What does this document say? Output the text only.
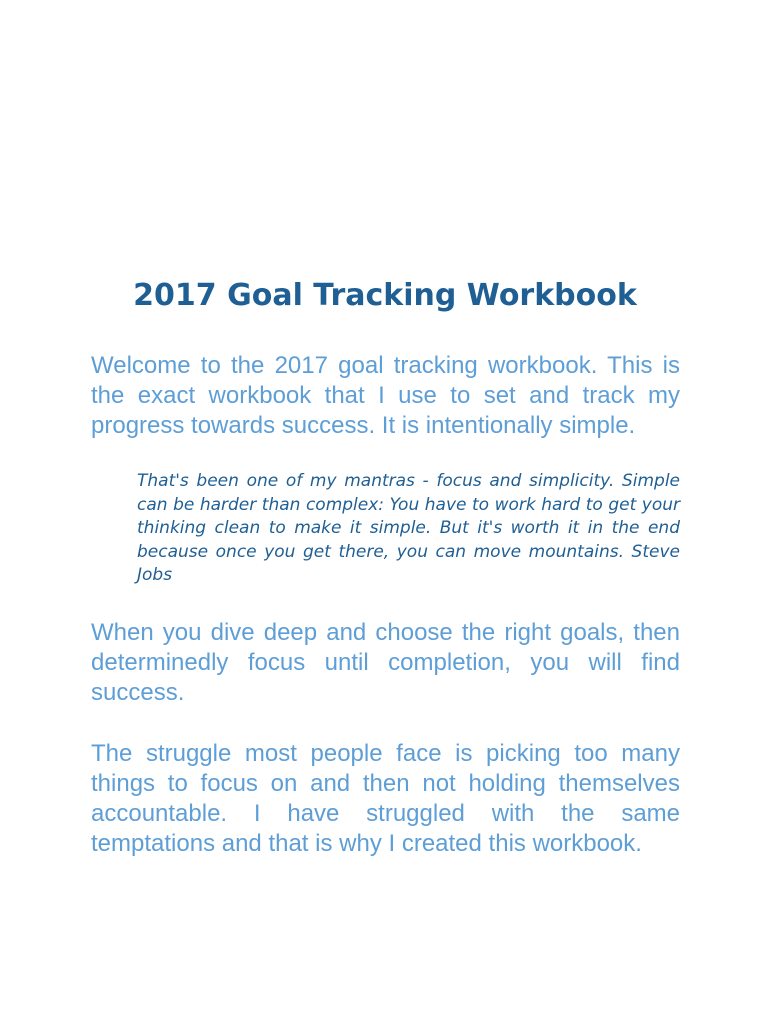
2017 Goal Tracking Workbook

Welcome to the 2017 goal tracking workbook. This is the exact workbook that I use to set and track my progress towards success. It is intentionally simple.

That's been one of my mantras - focus and simplicity. Simple can be harder than complex: You have to work hard to get your thinking clean to make it simple. But it's worth it in the end because once you get there, you can move mountains. Steve Jobs

When you dive deep and choose the right goals, then determinedly focus until completion, you will find success.

The struggle most people face is picking too many things to focus on and then not holding themselves accountable. I have struggled with the same temptations and that is why I created this workbook.
